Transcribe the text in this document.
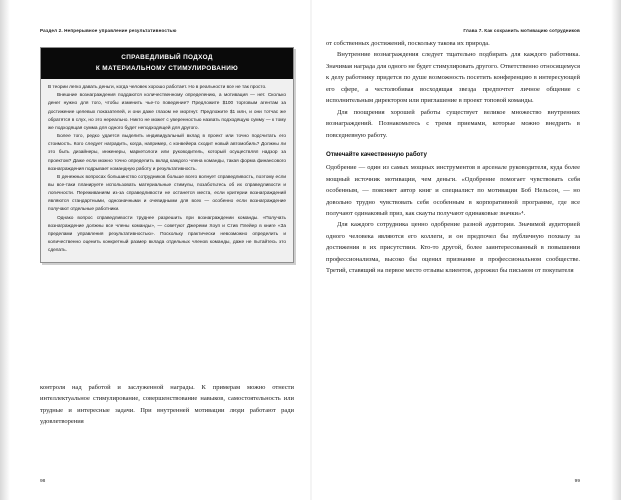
Раздел 2. Непрерывное управление результативностью
СПРАВЕДЛИВЫЙ ПОДХОД
К МАТЕРИАЛЬНОМУ СТИМУЛИРОВАНИЮ

В теории легко давать деньги, когда человек хорошо работает. Но в реальности все не так просто.

Внешние вознаграждения поддаются количественному определению, а мотивация — нет. Сколько денег нужно для того, чтобы изменить чье-то поведение? Предложите $100 торговым агентам за достижение целевых показателей, и они даже глазом не моргнут. Предложите $1 млн, и они тотчас же обратятся в слух, но это нереально. Никто не может с уверенностью назвать подходящую сумму — к тому же подходящая сумма для одного будет неподходящей для другого.

Более того, редко удается выделить индивидуальный вклад в проект или точно подсчитать его стоимость. Кого следует наградить, когда, например, с конвейера сходит новый автомобиль? Должны ли это быть дизайнеры, инженеры, маркетологи или руководитель, который осуществлял надзор за проектом? Даже если можно точно определить вклад каждого члена команды, такая форма финансового вознаграждения подрывает командную работу и результативность.

В денежных вопросах большинство сотрудников больше всего волнует справедливость, поэтому если вы все-таки планируете использовать материальные стимулы, позаботьтесь об их справедливости и логичности. Переживаниям из-за справедливости не останется места, если критерии вознаграждений являются стандартными, однозначными и очевидными для всех — особенно если вознаграждение получают отдельные работники.

Однако вопрос справедливости труднее разрешить при вознаграждении команды. «Получать вознаграждение должны все члены команды», — советуют Джереми Хоуп и Стив Плейер в книге «За пределами управления результативностью». Поскольку практически невозможно определить и количественно оценить конкретный размер вклада отдельных членов команды, даже не пытайтесь это сделать.

контроля над работой и заслуженной награды. К примерам можно отнести интеллектуальное стимулирование, совершенствование навыков, самостоятельность или трудные и интересные задачи. При внутренней мотивации люди работают ради удовлетворения

98
Глава 7. Как сохранить мотивацию сотрудников

от собственных достижений, поскольку такова их природа.

Внутренние вознаграждения следует тщательно подбирать для каждого работника. Значимая награда для одного не будет стимулировать другого. Ответственно относящемуся к делу работнику придется по душе возможность посетить конференцию в интересующей его сфере, а честолюбивая восходящая звезда предпочтет личное общение с исполнительным директором или приглашение в проект топовой команды.

Для поощрения хорошей работы существует великое множество внутренних вознаграждений. Познакомьтесь с тремя приемами, которые можно внедрить в повседневную работу.

Отмечайте качественную работу

Одобрение — один из самых мощных инструментов в арсенале руководителя, куда более мощный источник мотивации, чем деньги. «Одобрение помогает чувствовать себя особенным, — поясняет автор книг и специалист по мотивации Боб Нельсон, — но довольно трудно чувствовать себя особенным в корпоративной программе, где все получают одинаковый приз, как скауты получают одинаковые значки»⁴.

Для каждого сотрудника ценно одобрение разной аудитории. Значимой аудиторией одного человека являются его коллеги, и он предпочел бы публичную похвалу за достижения в их присутствии. Кто-то другой, более заинтересованный в повышении профессионализма, высоко бы оценил признание в профессиональном сообществе. Третий, ставящий на первое место отзывы клиентов, дорожил бы письмом от покупателя

99
